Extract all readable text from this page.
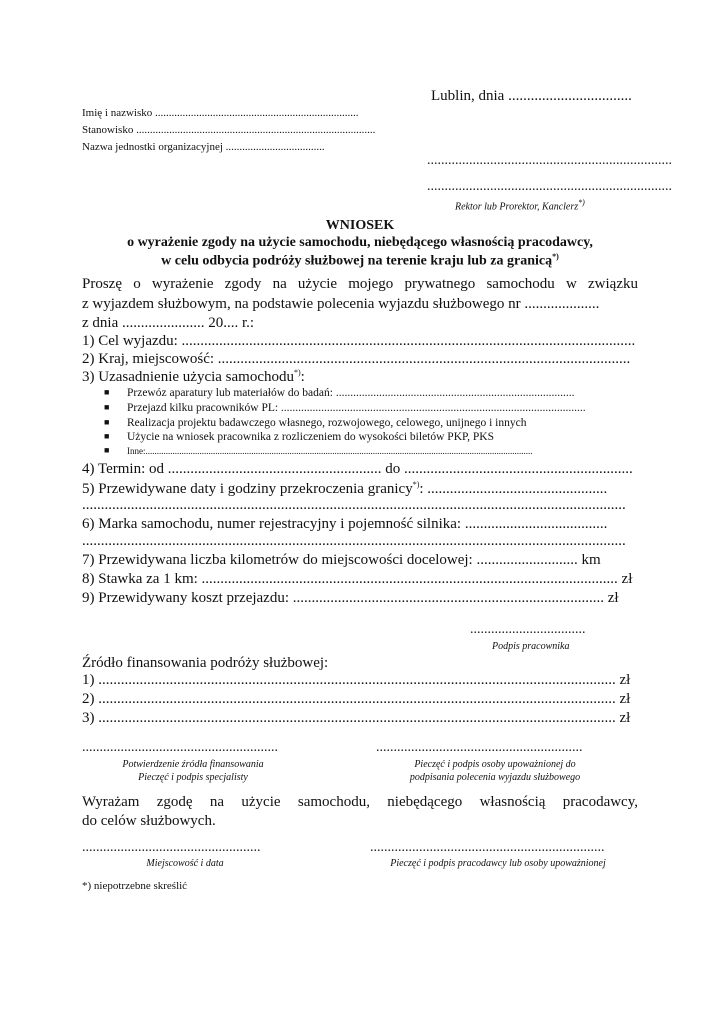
Lublin, dnia .................................
Imię i nazwisko ..........................................................................
Stanowisko .......................................................................................
Nazwa jednostki organizacyjnej ....................................
......................................................................
......................................................................
Rektor lub Prorektor, Kanclerz*)
WNIOSEK
o wyrażenie zgody na użycie samochodu, niebędącego własnością pracodawcy,
w celu odbycia podróży służbowej na terenie kraju lub za granicą*)
Proszę o wyrażenie zgody na użycie mojego prywatnego samochodu w związku
z wyjazdem służbowym, na podstawie polecenia wyjazdu służbowego nr ....................
z dnia ...................... 20.... r.:
1) Cel wyjazdu: .........................................................................................................................
2) Kraj, miejscowość: ..............................................................................................................
3) Uzasadnienie użycia samochodu*):
■ Przewóz aparatury lub materiałów do badań: ...................................................................................
■ Przejazd kilku pracowników PL: ..........................................................................................................
■ Realizacja projektu badawczego własnego, rozwojowego, celowego, unijnego i innych
■ Użycie na wniosek pracownika z rozliczeniem do wysokości biletów PKP, PKS
■ Inne:............................................................................................................................................................................
4) Termin: od ......................................................... do .............................................................
5) Przewidywane daty i godziny przekroczenia granicy*): ................................................
.................................................................................................................................................
6) Marka samochodu, numer rejestracyjny i pojemność silnika: ......................................
.................................................................................................................................................
7) Przewidywana liczba kilometrów do miejscowości docelowej: ........................... km
8) Stawka za 1 km: ............................................................................................................... zł
9) Przewidywany koszt przejazdu: ................................................................................... zł
.................................
Podpis pracownika
Źródło finansowania podróży służbowej:
1) .......................................................................................................................................... zł
2) .......................................................................................................................................... zł
3) .......................................................................................................................................... zł
........................................................
Potwierdzenie źródła finansowania
Pieczęć i podpis specjalisty
...........................................................
Pieczęć i podpis osoby upoważnionej do
podpisania polecenia wyjazdu służbowego
Wyrażam zgodę na użycie samochodu, niebędącego własnością pracodawcy,
do celów służbowych.
...................................................
Miejscowość i data
...................................................................
Pieczęć i podpis pracodawcy lub osoby upoważnionej
*) niepotrzebne skreślić
